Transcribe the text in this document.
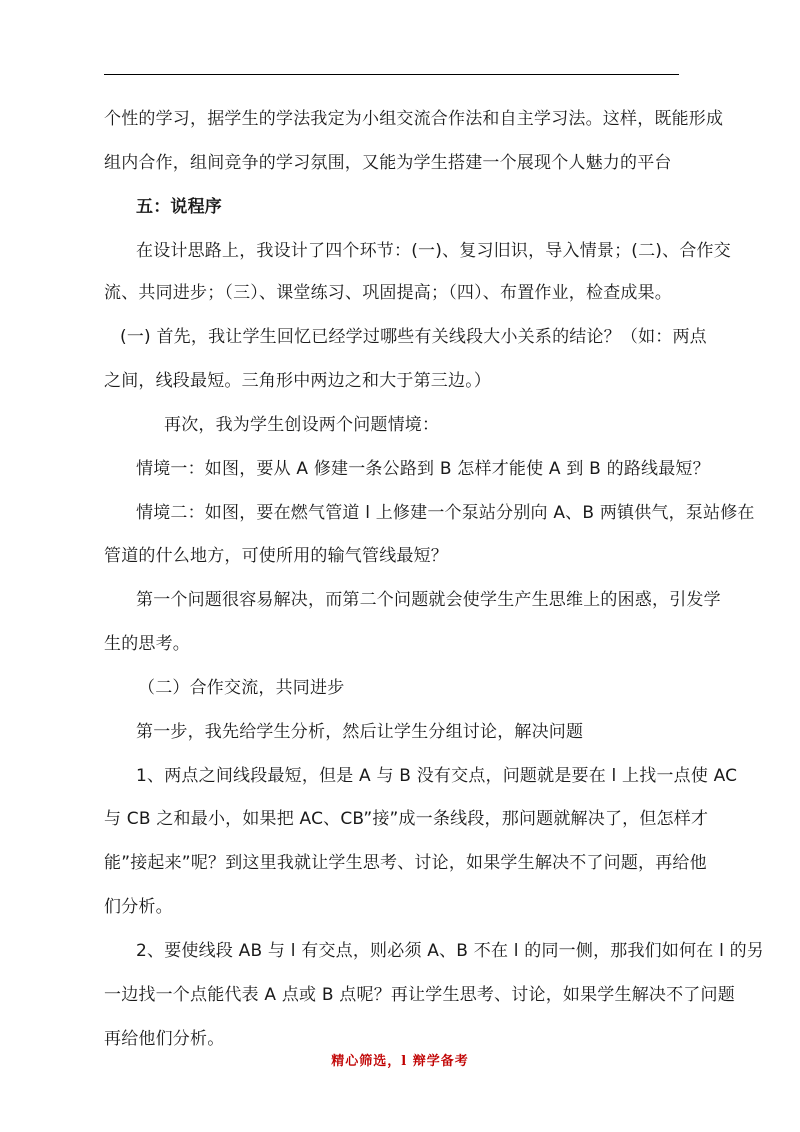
个性的学习，据学生的学法我定为小组交流合作法和自主学习法。这样，既能形成
组内合作，组间竞争的学习氛围，又能为学生搭建一个展现个人魅力的平台
五：说程序
在设计思路上，我设计了四个环节：(一)、复习旧识，导入情景；(二)、合作交
流、共同进步；（三）、课堂练习、巩固提高；（四）、布置作业，检查成果。
(一) 首先，我让学生回忆已经学过哪些有关线段大小关系的结论？（如：两点
之间，线段最短。三角形中两边之和大于第三边。）
再次，我为学生创设两个问题情境：
情境一：如图，要从 A 修建一条公路到 B 怎样才能使 A 到 B 的路线最短？
情境二：如图，要在燃气管道 l 上修建一个泵站分别向 A、B 两镇供气，泵站修在
管道的什么地方，可使所用的输气管线最短？
第一个问题很容易解决，而第二个问题就会使学生产生思维上的困惑，引发学
生的思考。
（二）合作交流，共同进步
第一步，我先给学生分析，然后让学生分组讨论，解决问题
1、两点之间线段最短，但是 A 与 B 没有交点，问题就是要在 l 上找一点使 AC
与 CB 之和最小，如果把 AC、CB”接”成一条线段，那问题就解决了，但怎样才
能”接起来”呢？到这里我就让学生思考、讨论，如果学生解决不了问题，再给他
们分析。
2、要使线段 AB 与 l 有交点，则必须 A、B 不在 l 的同一侧，那我们如何在 l 的另
一边找一个点能代表 A 点或 B 点呢？再让学生思考、讨论，如果学生解决不了问题
再给他们分析。
精心筛选，l 辩学备考
